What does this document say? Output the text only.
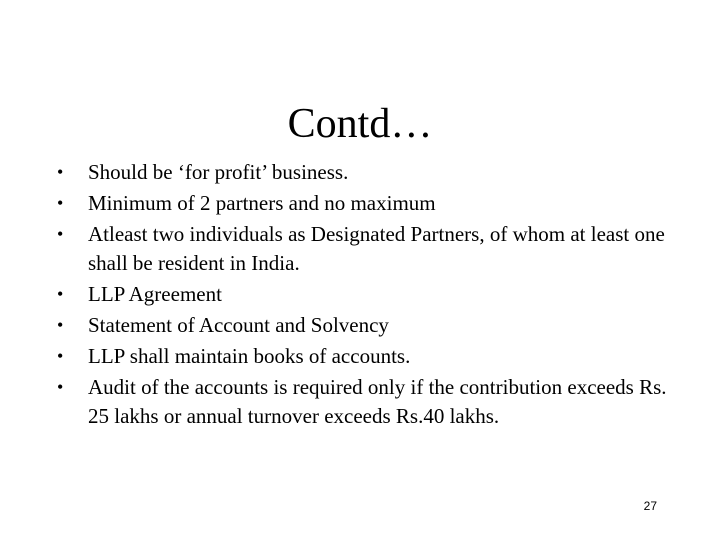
Contd…
• Should be ‘for profit’ business.
• Minimum of 2 partners and no maximum
• Atleast two individuals as Designated Partners, of whom at least one shall be resident in India.
• LLP Agreement
• Statement of Account and Solvency
• LLP shall maintain books of accounts.
• Audit of the accounts is required only if the contribution exceeds Rs. 25 lakhs or annual turnover exceeds Rs.40 lakhs.
27
